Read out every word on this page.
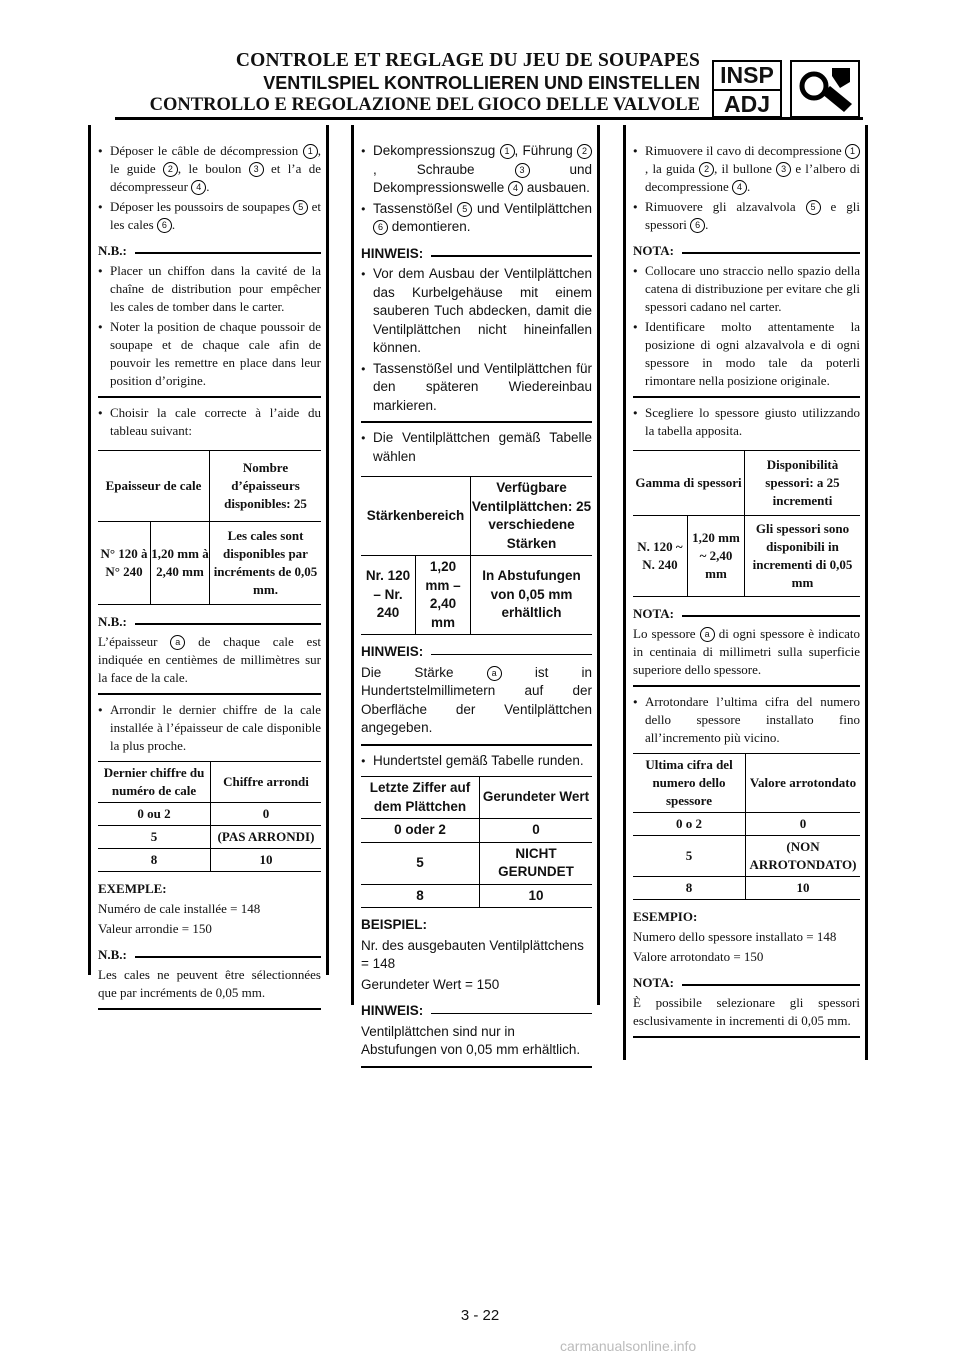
CONTROLE ET REGLAGE DU JEU DE SOUPAPES
VENTILSPIEL KONTROLLIEREN UND EINSTELLEN
CONTROLLO E REGOLAZIONE DEL GIOCO DELLE VALVOLE
INSP
ADJ
● Déposer le câble de décompression 1 , le guide 2 , le boulon 3 et l’a de décompresseur 4 .
● Déposer les poussoirs de soupapes 5 et les cales 6 .
N.B.:
● Placer un chiffon dans la cavité de la chaîne de distribution pour empêcher les cales de tomber dans le carter.
● Noter la position de chaque poussoir de soupape et de chaque cale afin de pouvoir les remettre en place dans leur position d’origine.
● Choisir la cale correcte à l’aide du tableau suivant:
Epaisseur de cale		Nombre d’épaisseurs disponibles: 25
N° 120 à N° 240	1,20 mm à 2,40 mm	Les cales sont disponibles par incréments de 0,05 mm.
N.B.:

L’épaisseur a de chaque cale est indiquée en centièmes de millimètres sur la face de la cale.

● Arrondir le dernier chiffre de la cale installée à l’épaisseur de cale disponible la plus proche.
Dernier chiffre du numéro de cale	Chiffre arrondi
0 ou 2	0
5	(PAS ARRONDI)
8	10

EXEMPLE:

Numéro de cale installée = 148

Valeur arrondie = 150

N.B.:

Les cales ne peuvent être sélectionnées que par incréments de 0,05 mm.

● Dekompressionszug 1 , Führung 2, Schraube 3 und Dekompressionswelle 4 ausbauen.
● Tassenstößel 5 und Ventilplättchen 6 demontieren.
HINWEIS:
● Vor dem Ausbau der Ventilplättchen das Kurbelgehäuse mit einem sauberen Tuch abdecken, damit die Ventilplättchen nicht hineinfallen können.
● Tassenstößel und Ventilplättchen für den späteren Wiedereinbau markieren.
● Die Ventilplättchen gemäß Tabelle wählen
Stärkenbereich		Verfügbare Ventilplättchen: 25 verschiedene Stärken
Nr. 120 – Nr. 240	1,20 mm – 2,40 mm	In Abstufungen von 0,05 mm erhältlich
HINWEIS:

Die Stärke a ist in Hundertstelmillimetern auf der Oberfläche der Ventilplättchen angegeben.

● Hundertstel gemäß Tabelle runden.
Letzte Ziffer auf dem Plättchen	Gerundeter Wert
0 oder 2	0
5	NICHT GERUNDET
8	10

BEISPIEL:

Nr. des ausgebauten Ventilplättchens = 148

Gerundeter Wert = 150

HINWEIS:

Ventilplättchen sind nur in Abstufungen von 0,05 mm erhältlich.

● Rimuovere il cavo di decompressione 1, la guida 2 , il bullone 3 e l’albero di decompressione 4 .
● Rimuovere gli alzavalvola 5 e gli spessori 6 .
NOTA:
● Collocare uno straccio nello spazio della catena di distribuzione per evitare che gli spessori cadano nel carter.
● Identificare molto attentamente la posizione di ogni alzavalvola e di ogni spessore in modo tale da poterli rimontare nella posizione originale.
● Scegliere lo spessore giusto utilizzando la tabella apposita.
Gamma di spessori		Disponibilità spessori: a 25 incrementi
N. 120 ~ N. 240	1,20 mm ~ 2,40 mm	Gli spessori sono disponibili in incrementi di 0,05 mm
NOTA:

Lo spessore a di ogni spessore è indicato in centinaia di millimetri sulla superficie superiore dello spessore.

● Arrotondare l’ultima cifra del numero dello spessore installato fino all’incremento più vicino.
Ultima cifra del numero dello spessore	Valore arrotondato
0 o 2	0
5	(NON ARROTONDATO)
8	10

ESEMPIO:

Numero dello spessore installato = 148

Valore arrotondato = 150

NOTA:

È possibile selezionare gli spessori esclusivamente in incrementi di 0,05 mm.

3 - 22
carmanualsonline.info
